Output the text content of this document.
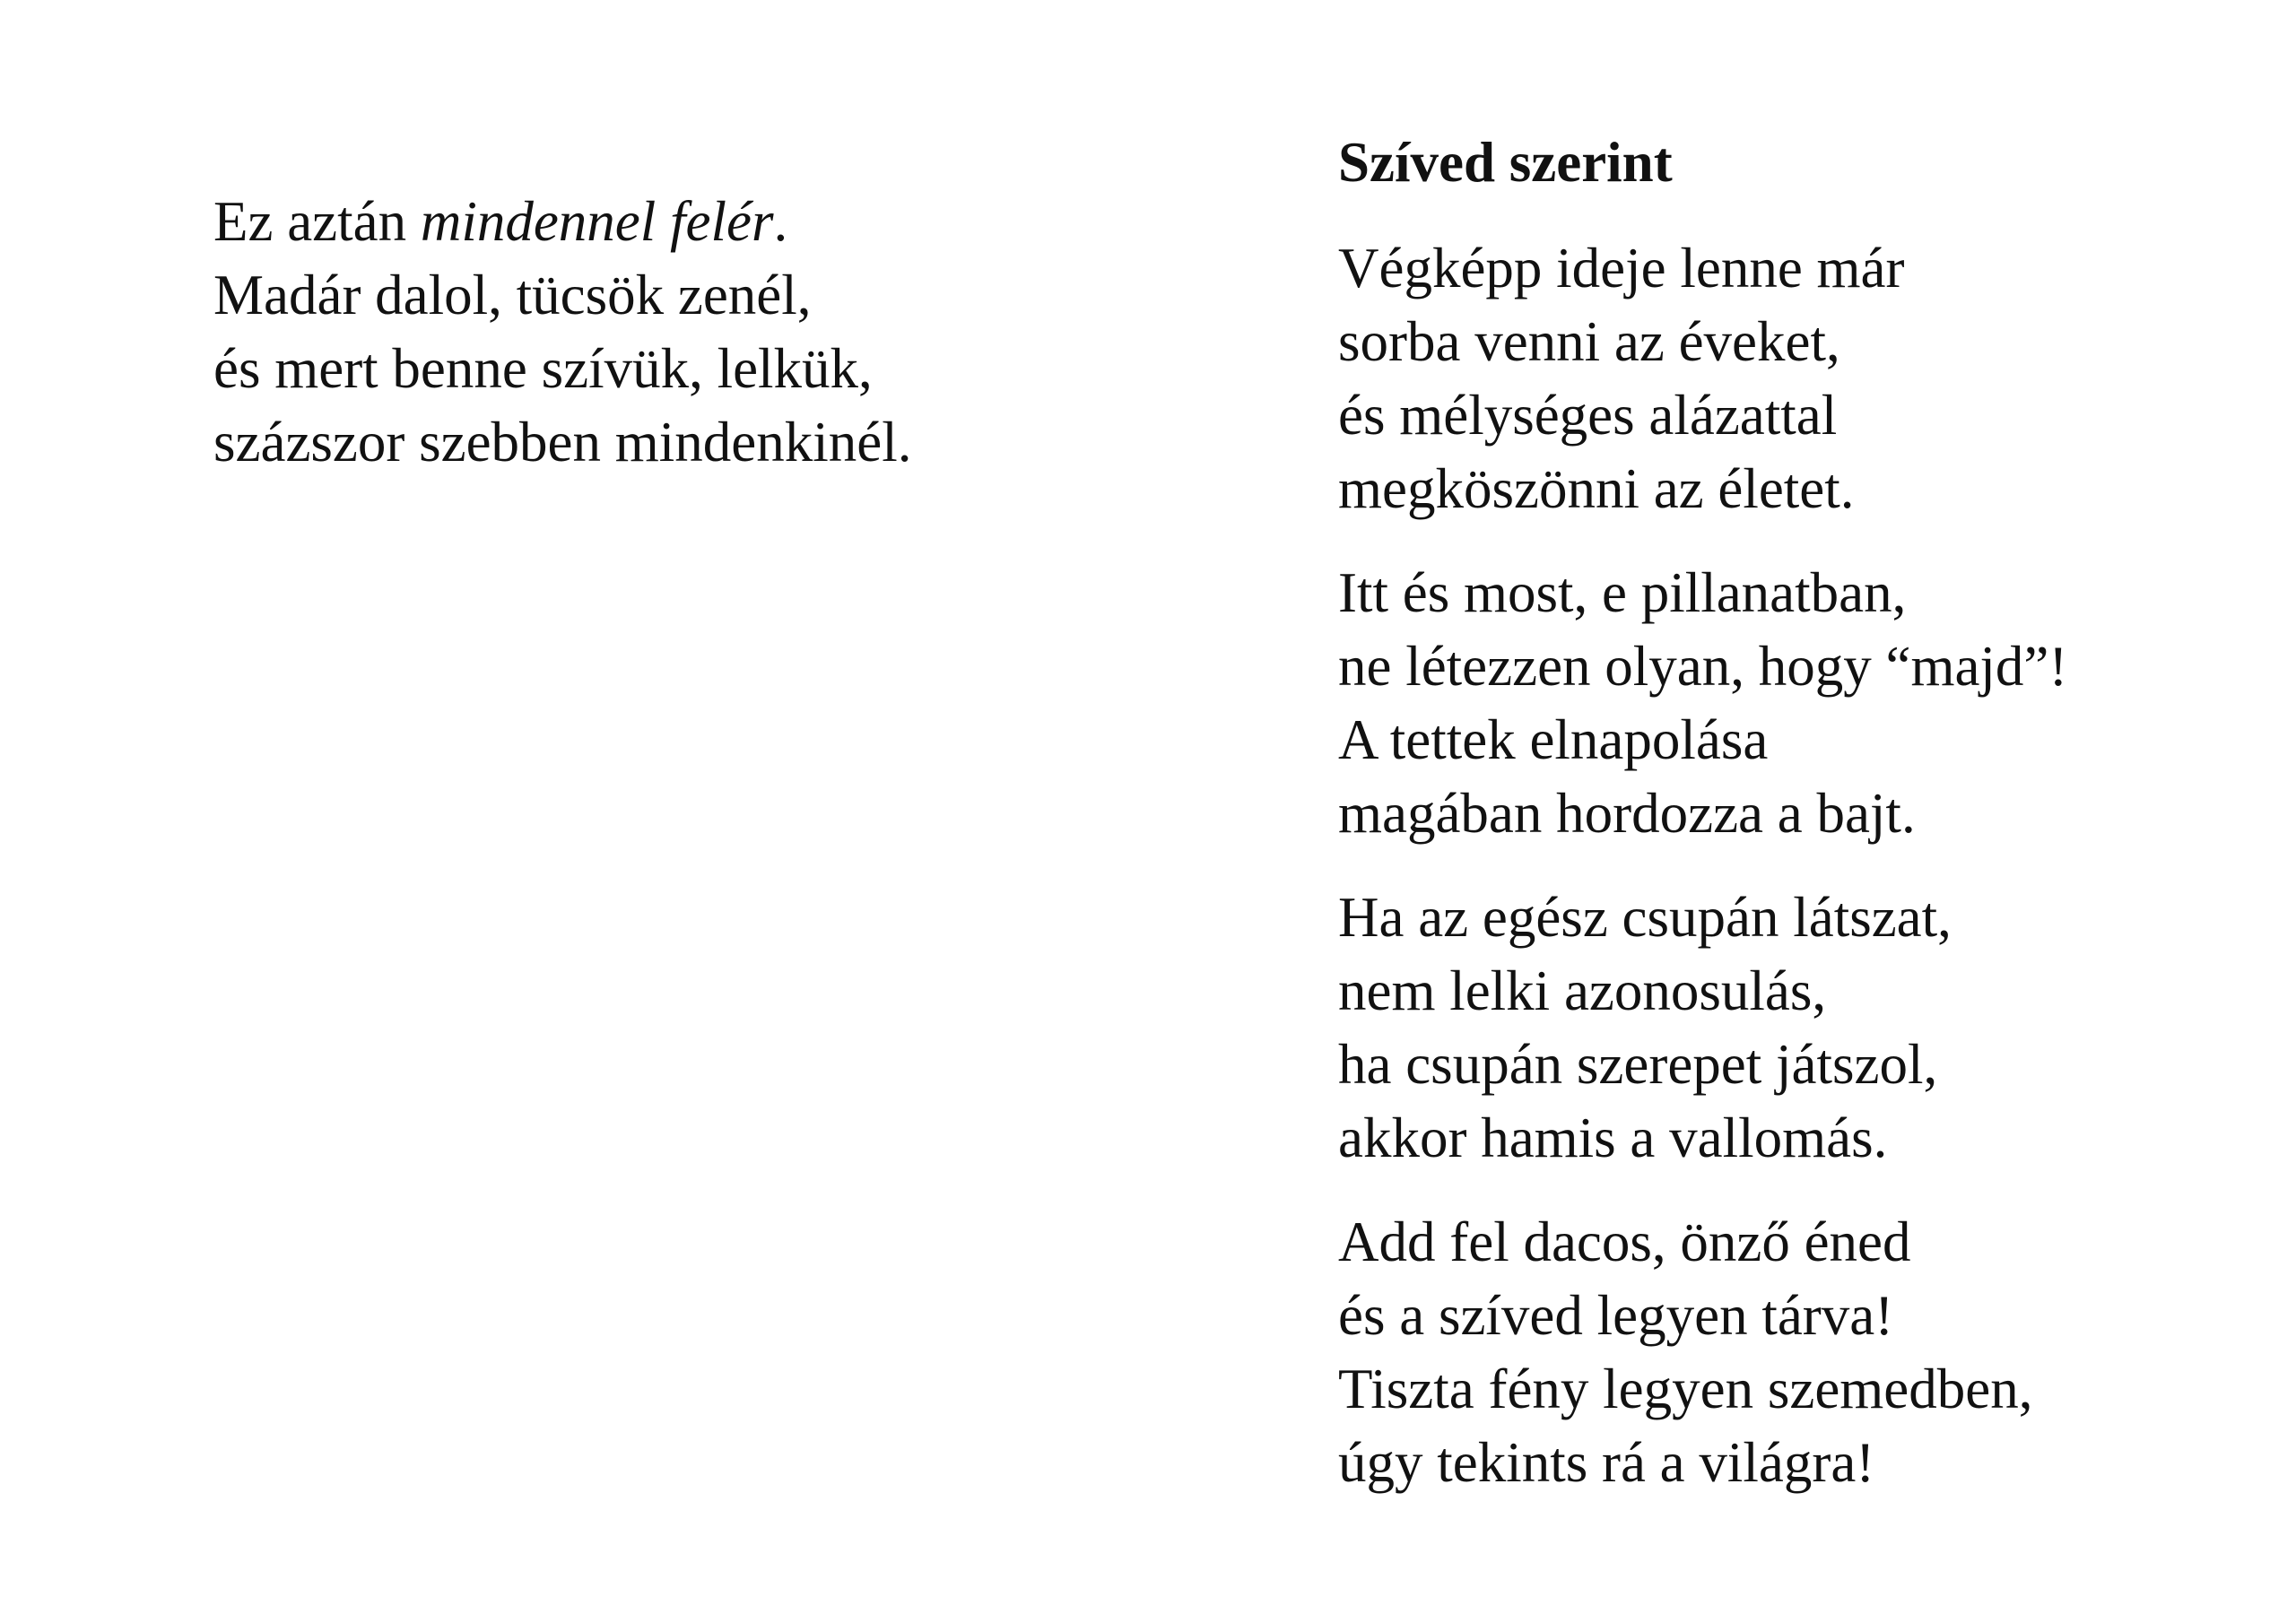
Ez aztán mindennel felér.
Madár dalol, tücsök zenél,
és mert benne szívük, lelkük,
százszor szebben mindenkinél.
Szíved szerint
Végképp ideje lenne már
sorba venni az éveket,
és mélységes alázattal
megköszönni az életet.
Itt és most, e pillanatban,
ne létezzen olyan, hogy “majd”!
A tettek elnapolása
magában hordozza a bajt.
Ha az egész csupán látszat,
nem lelki azonosulás,
ha csupán szerepet játszol,
akkor hamis a vallomás.
Add fel dacos, önző éned
és a szíved legyen tárva!
Tiszta fény legyen szemedben,
úgy tekints rá a világra!
